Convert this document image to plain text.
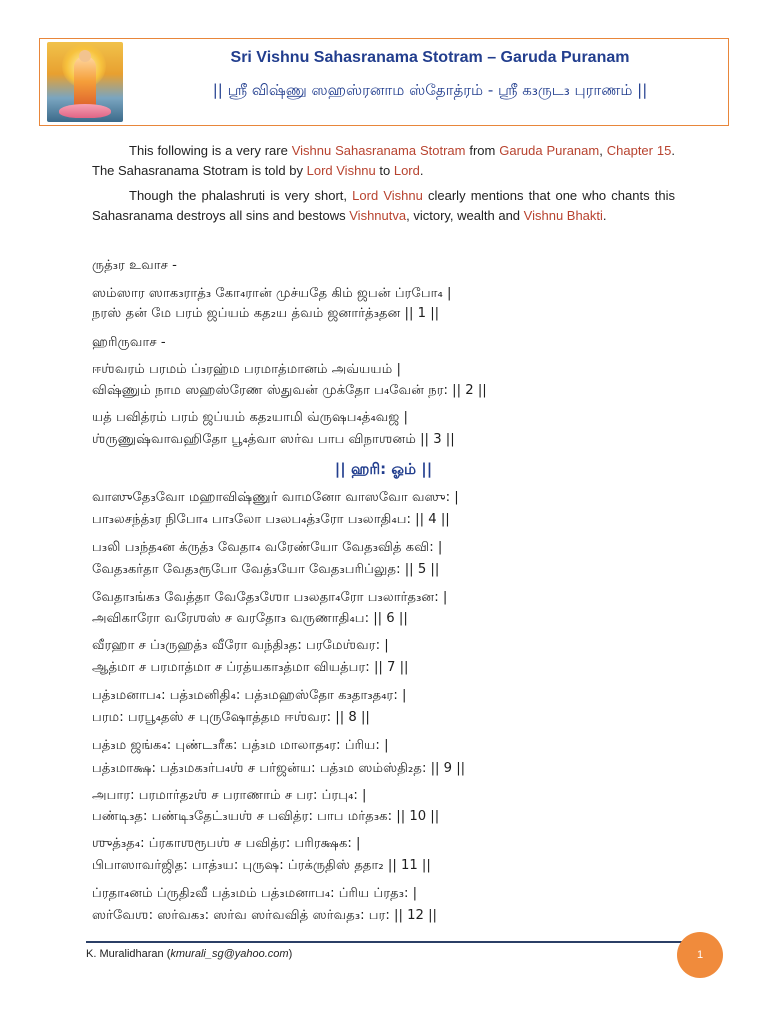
Sri Vishnu Sahasranama Stotram – Garuda Puranam
|| ஸ்ரீ விஷ்ணு ஸஹஸ்ரனாம ஸ்தோத்ரம் - ஸ்ரீ க₃ருட₃ புராணம் ||
This following is a very rare Vishnu Sahasranama Stotram from Garuda Puranam, Chapter 15. The Sahasranama Stotram is told by Lord Vishnu to Lord.
Though the phalashruti is very short, Lord Vishnu clearly mentions that one who chants this Sahasranama destroys all sins and bestows Vishnutva, victory, wealth and Vishnu Bhakti.
ருத்₃ர உவாச -
ஸம்ஸார ஸாக₃ராத்₃ கோ₄ரான் முச்யதே கிம் ஜபன் ப்ரபோ₄ |
நரஸ் தன் மே பரம் ஜப்யம் கத₂ய த்வம் ஜனார்த்₃தன || 1 ||
ஹரிருவாச -
ஈஶ்வரம் பரமம் ப்₃ரஹ்ம பரமாத்மானம் அவ்யயம் |
விஷ்ணும் நாம ஸஹஸ்ரேண ஸ்துவன் முக்தோ ப₄வேன் நர: || 2 ||
யத் பவித்ரம் பரம் ஜப்யம் கத₂யாமி வ்ருஷப₄த்₄வஜ |
ஶ்ருணுஷ்வாவஹிதோ பூ₄த்வா ஸர்வ பாப விநாஶனம் || 3 ||
|| ஹரி: ஓம் ||
வாஸுதே₃வோ மஹாவிஷ்ணுர் வாமனோ வாஸவோ வஸு: |
பா₃லசந்த்₃ர நிபோ₄ பா₃லோ ப₃லப₄த்₃ரோ ப₃லாதி₄ப: || 4 ||
ப₃லி ப₃ந்த₄ன க்ருத்₃ வேதா₄ வரேண்யோ வேத₃வித் கவி: |
வேத₃கர்தா வேத₃ரூபோ வேத்₃யோ வேத₃பரிப்லுத: || 5 ||
வேதா₃ங்க₃ வேத்தா வேதே₃ஶோ ப₃லதா₄ரோ ப₃லார்த₃ன: |
அவிகாரோ வரேஶஸ் ச வரதோ₃ வருணாதி₄ப: || 6 ||
வீரஹா ச ப்₃ருஹத்₃ வீரோ வந்தி₃த: பரமேஶ்வர: |
ஆத்மா ச பரமாத்மா ச ப்ரத்யகா₃த்மா வியத்பர: || 7 ||
பத்₃மனாப₄: பத்₃மனிதி₄: பத்₃மஹஸ்தோ க₃தா₃த₄ர: |
பரம: பரபூ₄தஸ் ச புருஷோத்தம ஈஶ்வர: || 8 ||
பத்₃ம ஜங்க₄: புண்ட₃ரீக: பத்₃ம மாலாத₄ர: ப்ரிய: |
பத்₃மாக்ஷ: பத்₃மக₃ர்ப₄ஶ் ச பர்ஜன்ய: பத்₃ம ஸம்ஸ்தி₂த: || 9 ||
அபார: பரமார்த₂ஶ் ச பராணாம் ச பர: ப்ரபு₄: |
பண்டி₃த: பண்டி₃தேட்₃யஶ் ச பவித்ர: பாப மர்த₃க: || 10 ||
ஶுத்₃த₄: ப்ரகாஶரூபஶ் ச பவித்ர: பரிரக்ஷக: |
பிபாஸாவர்ஜித: பாத்₃ய: புருஷ: ப்ரக்ருதிஸ் ததா₂ || 11 ||
ப்ரதா₄னம் ப்ருதி₂வீ பத்₃மம் பத்₃மனாப₄: ப்ரிய ப்ரத₃: |
ஸர்வேஶ: ஸர்வக₃: ஸர்வ ஸர்வவித் ஸர்வத₃: பர: || 12 ||
K. Muralidharan (kmurali_sg@yahoo.com)	1
